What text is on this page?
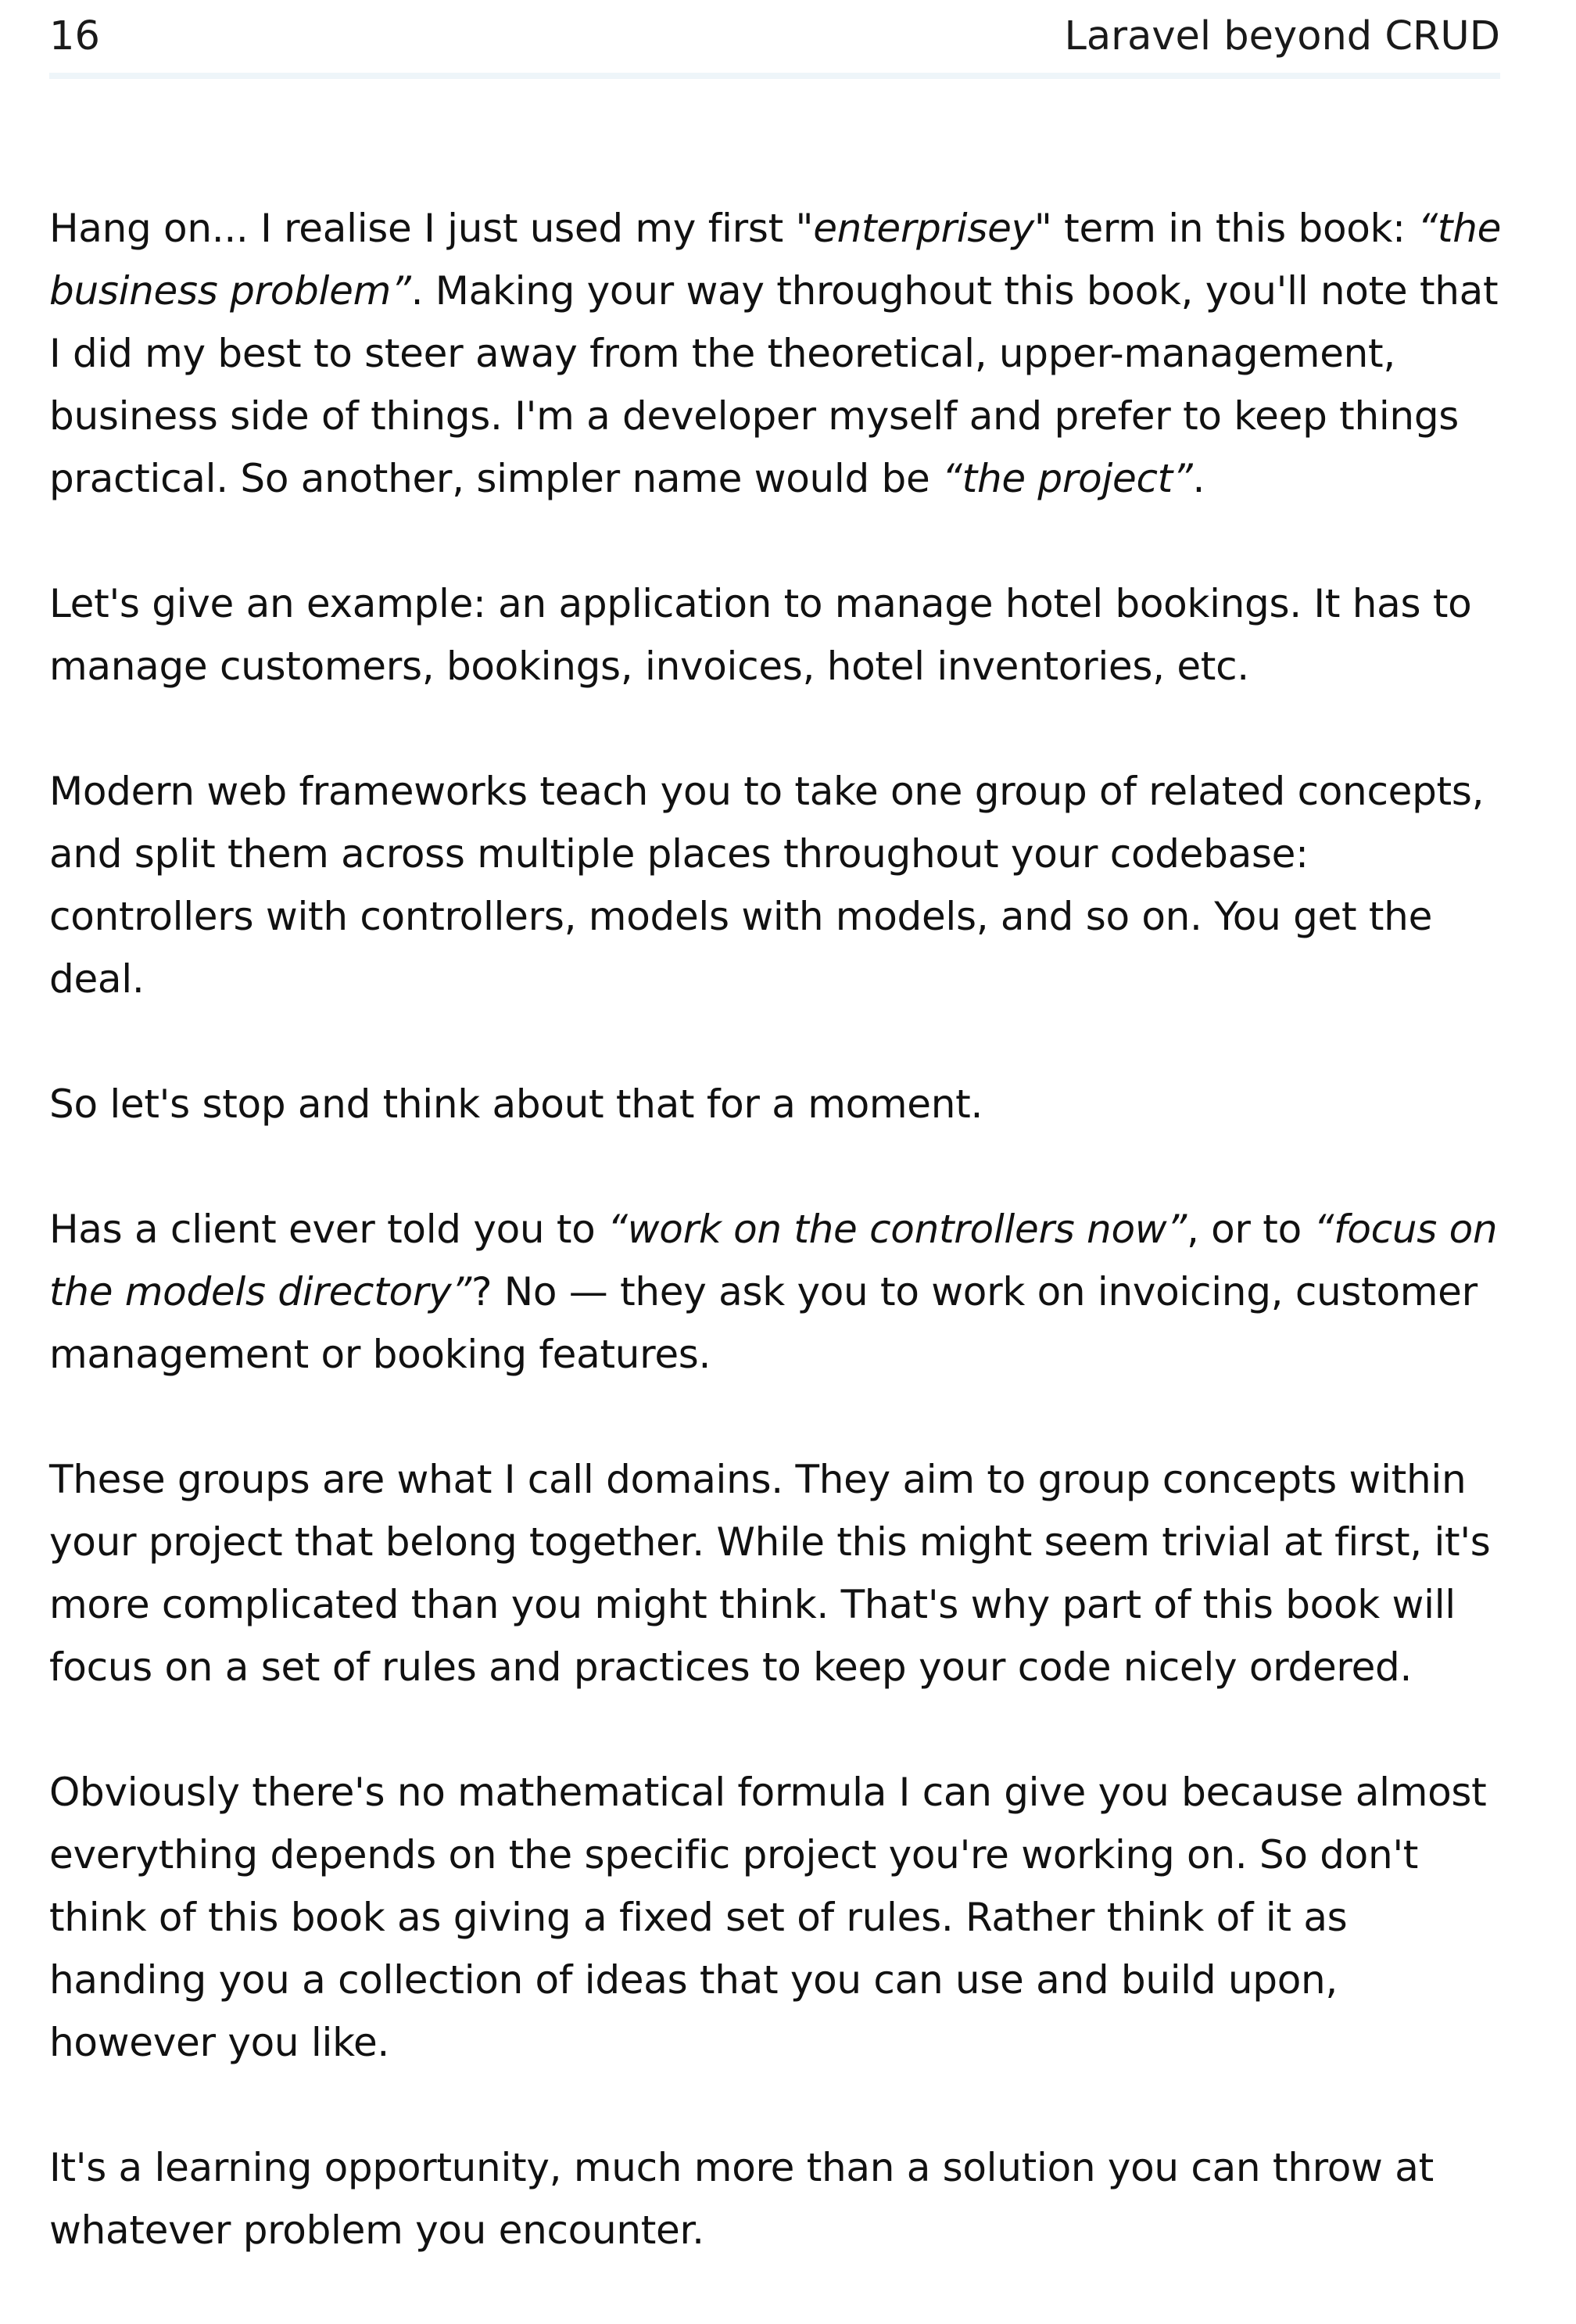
16	Laravel beyond CRUD

Hang on... I realise I just used my first "enterprisey" term in this book: “the business problem”. Making your way throughout this book, you'll note that I did my best to steer away from the theoretical, upper-management, business side of things. I'm a developer myself and prefer to keep things practical. So another, simpler name would be “the project”.

Let's give an example: an application to manage hotel bookings. It has to manage customers, bookings, invoices, hotel inventories, etc.

Modern web frameworks teach you to take one group of related concepts, and split them across multiple places throughout your codebase: controllers with controllers, models with models, and so on. You get the deal.

So let's stop and think about that for a moment.

Has a client ever told you to “work on the controllers now”, or to “focus on the models directory”? No — they ask you to work on invoicing, customer management or booking features.

These groups are what I call domains. They aim to group concepts within your project that belong together. While this might seem trivial at first, it's more complicated than you might think. That's why part of this book will focus on a set of rules and practices to keep your code nicely ordered.

Obviously there's no mathematical formula I can give you because almost everything depends on the specific project you're working on. So don't think of this book as giving a fixed set of rules. Rather think of it as handing you a collection of ideas that you can use and build upon, however you like.

It's a learning opportunity, much more than a solution you can throw at whatever problem you encounter.
